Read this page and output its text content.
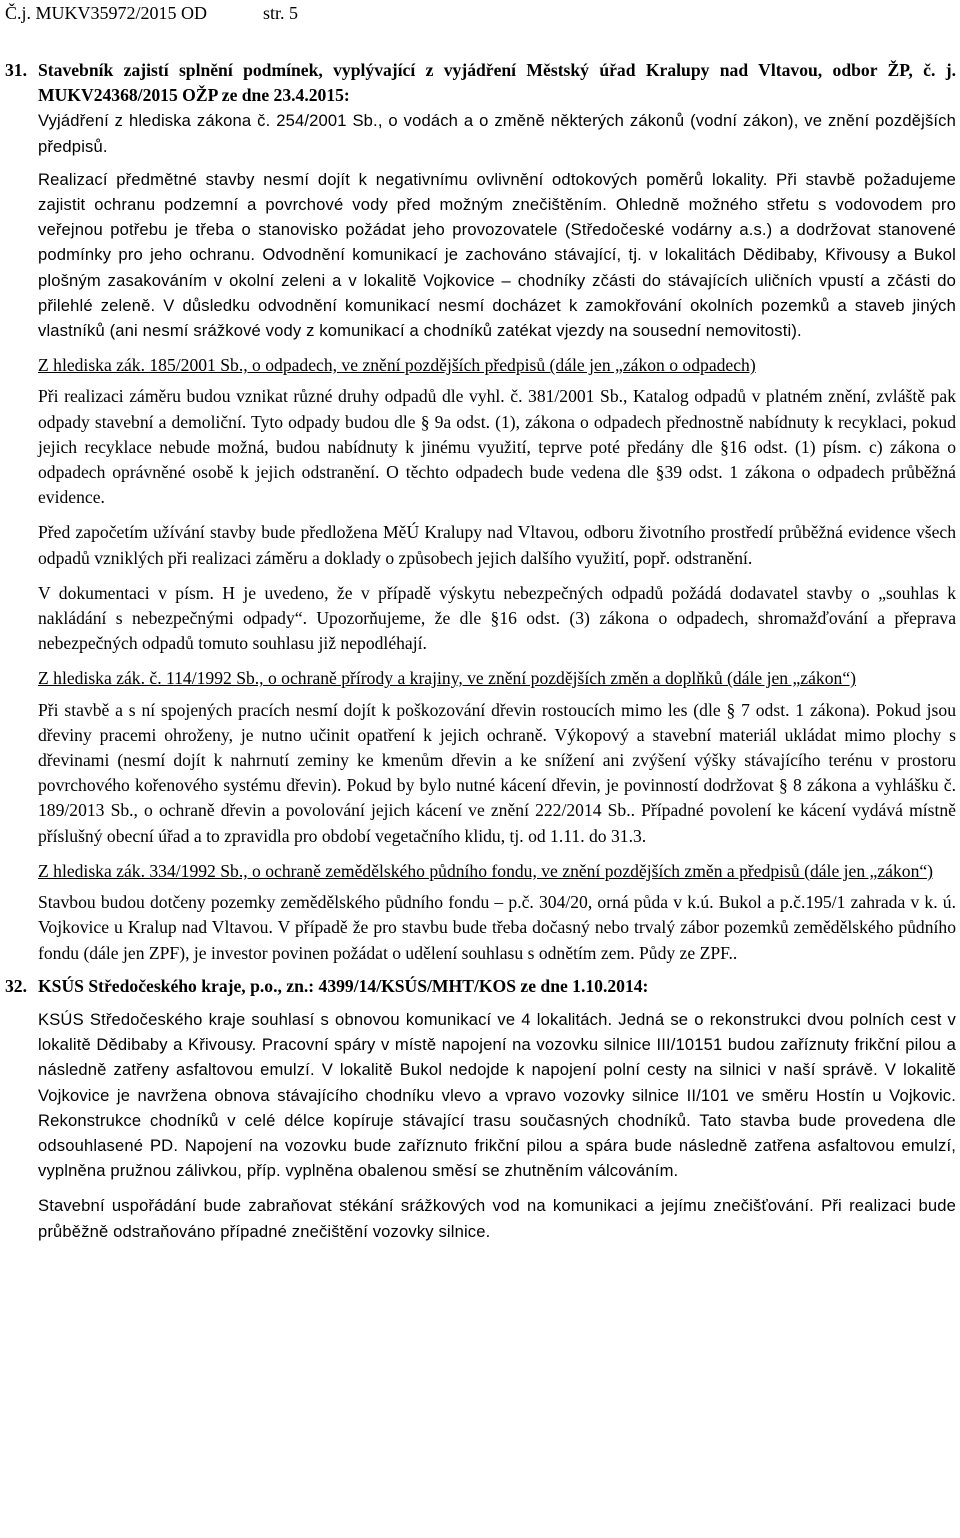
Č.j. MUKV35972/2015 OD	str. 5
31. Stavebník zajistí splnění podmínek, vyplývající z vyjádření Městský úřad Kralupy nad Vltavou, odbor ŽP, č. j. MUKV24368/2015 OŽP ze dne 23.4.2015:

Vyjádření z hlediska zákona č. 254/2001 Sb., o vodách a o změně některých zákonů (vodní zákon), ve znění pozdějších předpisů.

Realizací předmětné stavby nesmí dojít k negativnímu ovlivnění odtokových poměrů lokality. Při stavbě požadujeme zajistit ochranu podzemní a povrchové vody před možným znečištěním. Ohledně možného střetu s vodovodem pro veřejnou potřebu je třeba o stanovisko požádat jeho provozovatele (Středočeské vodárny a.s.) a dodržovat stanovené podmínky pro jeho ochranu. Odvodnění komunikací je zachováno stávající, tj. v lokalitách Dědibaby, Křivousy a Bukol plošným zasakováním v okolní zeleni a v lokalitě Vojkovice – chodníky zčásti do stávajících uličních vpustí a zčásti do přilehlé zeleně. V důsledku odvodnění komunikací nesmí docházet k zamokřování okolních pozemků a staveb jiných vlastníků (ani nesmí srážkové vody z komunikací a chodníků zatékat vjezdy na sousední nemovitosti).

Z hlediska zák. 185/2001 Sb., o odpadech, ve znění pozdějších předpisů (dále jen „zákon o odpadech)

Při realizaci záměru budou vznikat různé druhy odpadů dle vyhl. č. 381/2001 Sb., Katalog odpadů v platném znění, zvláště pak odpady stavební a demoliční. Tyto odpady budou dle § 9a odst. (1), zákona o odpadech přednostně nabídnuty k recyklaci, pokud jejich recyklace nebude možná, budou nabídnuty k jinému využití, teprve poté předány dle §16 odst. (1) písm. c) zákona o odpadech oprávněné osobě k jejich odstranění. O těchto odpadech bude vedena dle §39 odst. 1 zákona o odpadech průběžná evidence.

Před započetím užívání stavby bude předložena MěÚ Kralupy nad Vltavou, odboru životního prostředí průběžná evidence všech odpadů vzniklých při realizaci záměru a doklady o způsobech jejich dalšího využití, popř. odstranění.

V dokumentaci v písm. H je uvedeno, že v případě výskytu nebezpečných odpadů požádá dodavatel stavby o „souhlas k nakládání s nebezpečnými odpady“. Upozorňujeme, že dle §16 odst. (3) zákona o odpadech, shromažďování a přeprava nebezpečných odpadů tomuto souhlasu již nepodléhají.

Z hlediska zák. č. 114/1992 Sb., o ochraně přírody a krajiny, ve znění pozdějších změn a doplňků (dále jen „zákon“)

Při stavbě a s ní spojených pracích nesmí dojít k poškozování dřevin rostoucích mimo les (dle § 7 odst. 1 zákona). Pokud jsou dřeviny pracemi ohroženy, je nutno učinit opatření k jejich ochraně. Výkopový a stavební materiál ukládat mimo plochy s dřevinami (nesmí dojít k nahrnutí zeminy ke kmenům dřevin a ke snížení ani zvýšení výšky stávajícího terénu v prostoru povrchového kořenového systému dřevin). Pokud by bylo nutné kácení dřevin, je povinností dodržovat § 8 zákona a vyhlášku č. 189/2013 Sb., o ochraně dřevin a povolování jejich kácení ve znění 222/2014 Sb.. Případné povolení ke kácení vydává místně příslušný obecní úřad a to zpravidla pro období vegetačního klidu, tj. od 1.11. do 31.3.

Z hlediska zák. 334/1992 Sb., o ochraně zemědělského půdního fondu, ve znění pozdějších změn a předpisů (dále jen „zákon“)

Stavbou budou dotčeny pozemky zemědělského půdního fondu – p.č. 304/20, orná půda v k.ú. Bukol a p.č.195/1 zahrada v k. ú. Vojkovice u Kralup nad Vltavou. V případě že pro stavbu bude třeba dočasný nebo trvalý zábor pozemků zemědělského půdního fondu (dále jen ZPF), je investor povinen požádat o udělení souhlasu s odnětím zem. Půdy ze ZPF..

32. KSÚS Středočeského kraje, p.o., zn.: 4399/14/KSÚS/MHT/KOS ze dne 1.10.2014:

KSÚS Středočeského kraje souhlasí s obnovou komunikací ve 4 lokalitách. Jedná se o rekonstrukci dvou polních cest v lokalitě Dědibaby a Křivousy. Pracovní spáry v místě napojení na vozovku silnice III/10151 budou zaříznuty frikční pilou a následně zatřeny asfaltovou emulzí. V lokalitě Bukol nedojde k napojení polní cesty na silnici v naší správě. V lokalitě Vojkovice je navržena obnova stávajícího chodníku vlevo a vpravo vozovky silnice II/101 ve směru Hostín u Vojkovic. Rekonstrukce chodníků v celé délce kopíruje stávající trasu současných chodníků. Tato stavba bude provedena dle odsouhlasené PD. Napojení na vozovku bude zaříznuto frikční pilou a spára bude následně zatřena asfaltovou emulzí, vyplněna pružnou zálivkou, příp. vyplněna obalenou směsí se zhutněním válcováním.

Stavební uspořádání bude zabraňovat stékání srážkových vod na komunikaci a jejímu znečišťování. Při realizaci bude průběžně odstraňováno případné znečištění vozovky silnice.
